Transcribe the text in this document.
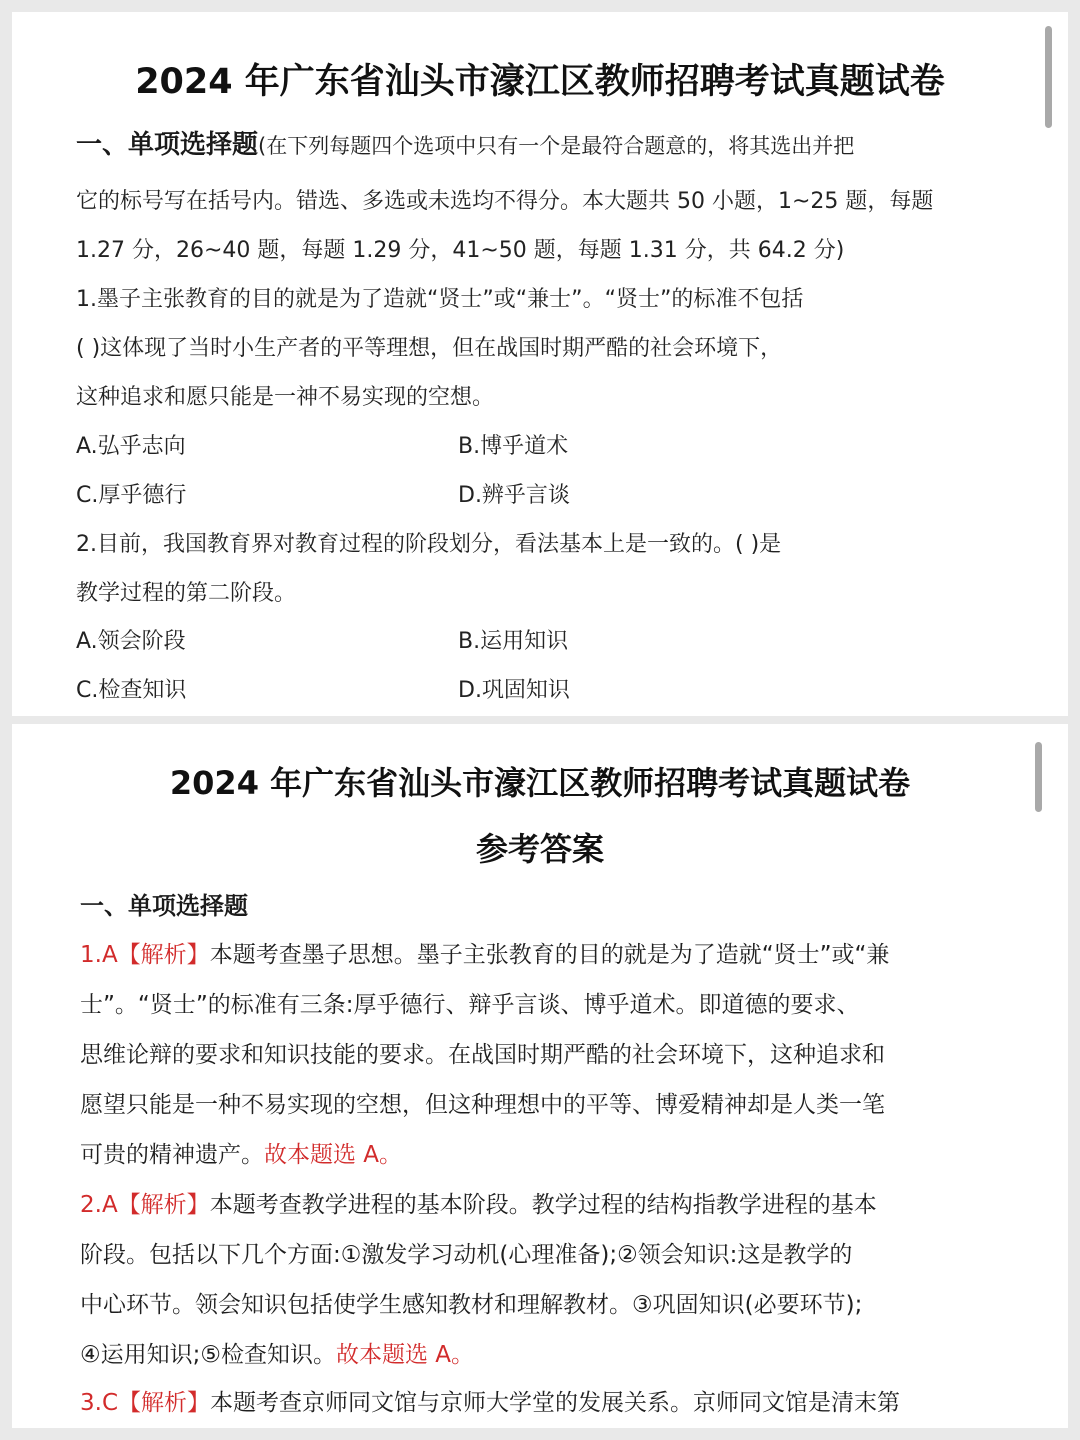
2024 年广东省汕头市濠江区教师招聘考试真题试卷
一、单项选择题(在下列每题四个选项中只有一个是最符合题意的，将其选出并把
它的标号写在括号内。错选、多选或未选均不得分。本大题共 50 小题，1~25 题，每题
1.27 分，26~40 题，每题 1.29 分，41~50 题，每题 1.31 分，共 64.2 分)
1.墨子主张教育的目的就是为了造就“贤士”或“兼士”。“贤士”的标准不包括
( )这体现了当时小生产者的平等理想，但在战国时期严酷的社会环境下，
这种追求和愿只能是一神不易实现的空想。
A.弘乎志向	B.博乎道术
C.厚乎德行	D.辨乎言谈
2.目前，我国教育界对教育过程的阶段划分，看法基本上是一致的。( )是
教学过程的第二阶段。
A.领会阶段	B.运用知识
C.检查知识	D.巩固知识
2024 年广东省汕头市濠江区教师招聘考试真题试卷
参考答案
一、单项选择题
1.A【解析】本题考查墨子思想。墨子主张教育的目的就是为了造就“贤士”或“兼
士”。“贤士”的标准有三条:厚乎德行、辩乎言谈、博乎道术。即道德的要求、
思维论辩的要求和知识技能的要求。在战国时期严酷的社会环境下，这种追求和
愿望只能是一种不易实现的空想，但这种理想中的平等、博爱精神却是人类一笔
可贵的精神遗产。故本题选 A。
2.A【解析】本题考查教学进程的基本阶段。教学过程的结构指教学进程的基本
阶段。包括以下几个方面:①激发学习动机(心理准备);②领会知识:这是教学的
中心环节。领会知识包括使学生感知教材和理解教材。③巩固知识(必要环节);
④运用知识;⑤检查知识。故本题选 A。
3.C【解析】本题考查京师同文馆与京师大学堂的发展关系。京师同文馆是清末第
